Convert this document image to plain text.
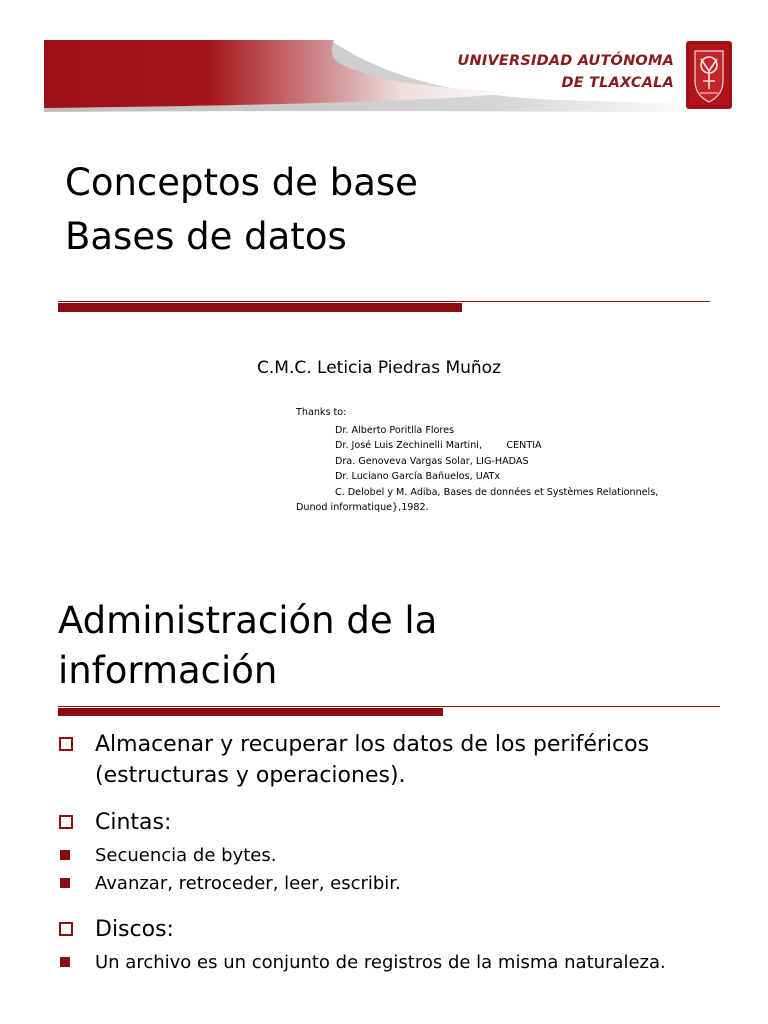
UNIVERSIDAD AUTÓNOMA
DE TLAXCALA
Conceptos de base
Bases de datos
C.M.C. Leticia Piedras Muñoz
Thanks to:
Dr. Alberto Poritlla Flores
Dr. José Luis Zechinelli Martini,        CENTIA
Dra. Genoveva Vargas Solar, LIG-HADAS
Dr. Luciano García Bañuelos, UATx
C. Delobel y M. Adiba, Bases de données et Systèmes Relationnels,
Dunod informatique},1982.
Administración de la
información
Almacenar y recuperar los datos de los periféricos (estructuras y operaciones).
Cintas:
Secuencia de bytes.
Avanzar, retroceder, leer, escribir.
Discos:
Un archivo es un conjunto de registros de la misma naturaleza.
